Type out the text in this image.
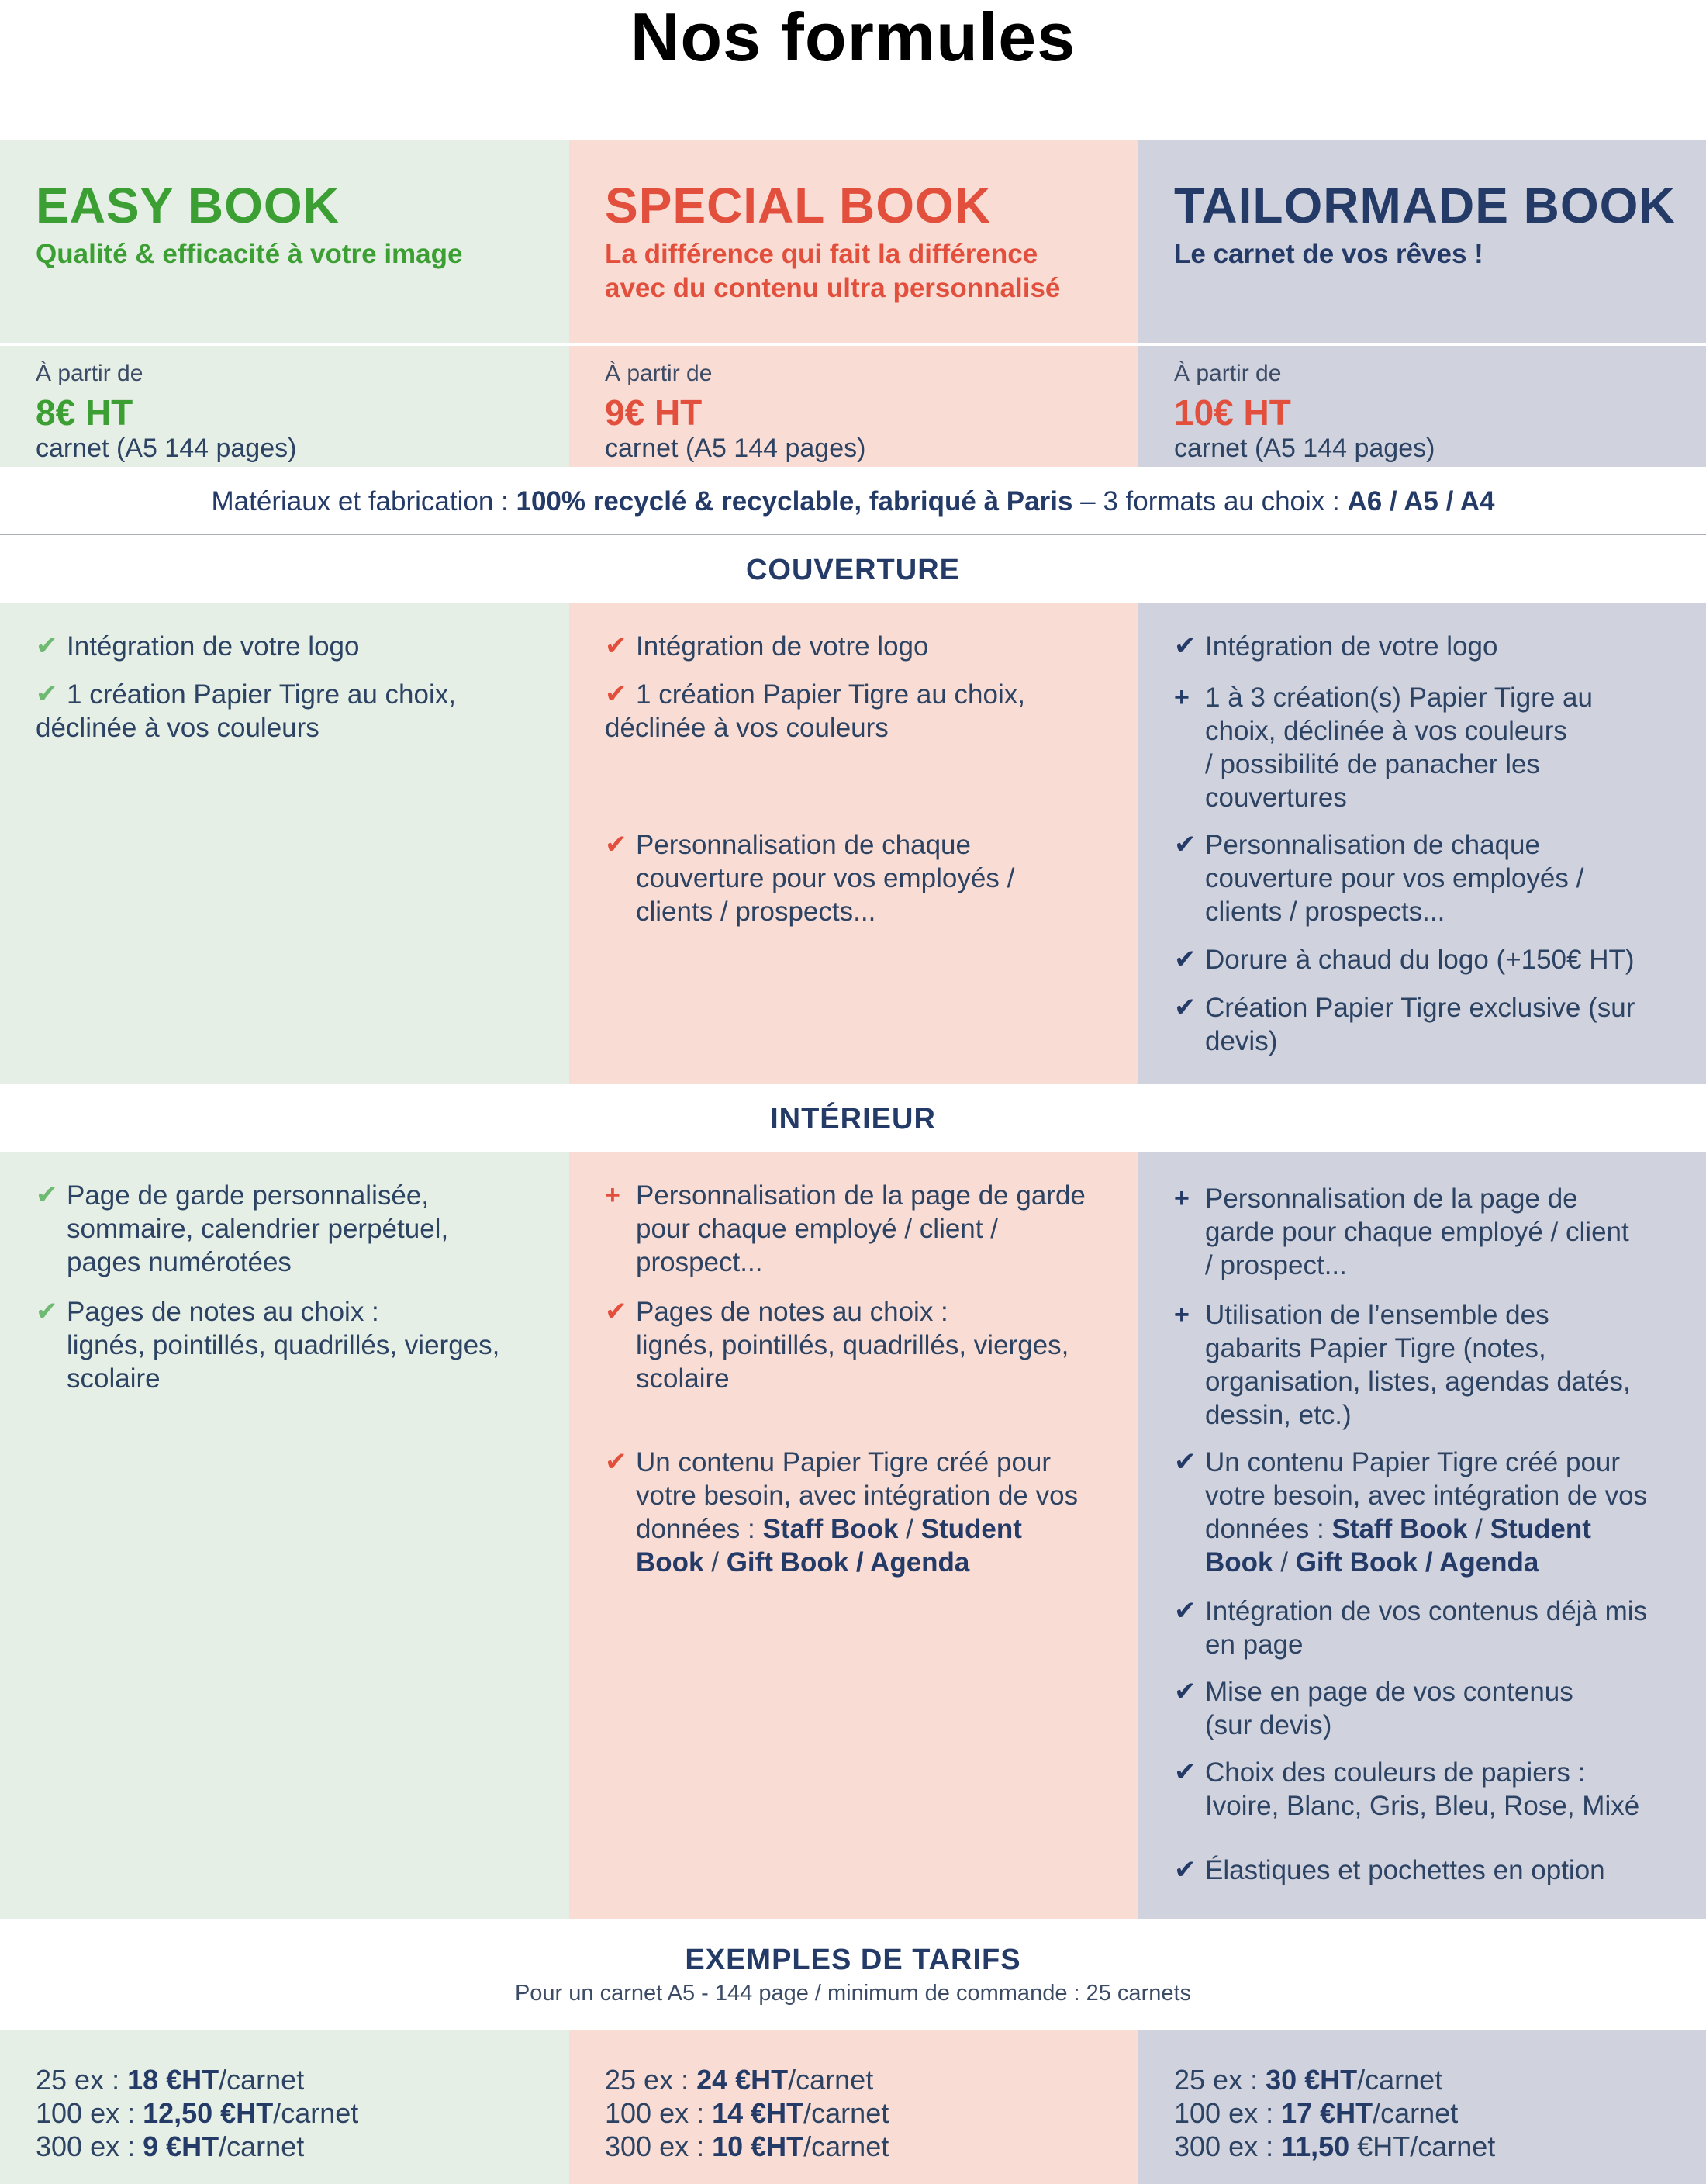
Nos formules
EASY BOOK
Qualité & efficacité à votre image
SPECIAL BOOK
La différence qui fait la différence
avec du contenu ultra personnalisé
TAILORMADE BOOK
Le carnet de vos rêves !
À partir de
8€ HT
carnet (A5 144 pages)
À partir de
9€ HT
carnet (A5 144 pages)
À partir de
10€ HT
carnet (A5 144 pages)
Matériaux et fabrication : 100% recyclé & recyclable, fabriqué à Paris – 3 formats au choix : A6 / A5 / A4
COUVERTURE
✔ Intégration de votre logo
✔ 1 création Papier Tigre au choix,
déclinée à vos couleurs
✔ Intégration de votre logo
✔ 1 création Papier Tigre au choix,
déclinée à vos couleurs
✔ Personnalisation de chaque
couverture pour vos employés /
clients / prospects...
✔ Intégration de votre logo
+ 1 à 3 création(s) Papier Tigre au
choix, déclinée à vos couleurs
/ possibilité de panacher les
couvertures
✔ Personnalisation de chaque
couverture pour vos employés /
clients / prospects...
✔ Dorure à chaud du logo (+150€ HT)
✔ Création Papier Tigre exclusive (sur
devis)
INTÉRIEUR
✔ Page de garde personnalisée,
sommaire, calendrier perpétuel,
pages numérotées
✔ Pages de notes au choix :
lignés, pointillés, quadrillés, vierges,
scolaire
+ Personnalisation de la page de garde
pour chaque employé / client /
prospect...
✔ Pages de notes au choix :
lignés, pointillés, quadrillés, vierges,
scolaire
✔ Un contenu Papier Tigre créé pour
votre besoin, avec intégration de vos
données : Staff Book / Student
Book / Gift Book / Agenda
+ Personnalisation de la page de
garde pour chaque employé / client
/ prospect...
+ Utilisation de l’ensemble des
gabarits Papier Tigre (notes,
organisation, listes, agendas datés,
dessin, etc.)
✔ Un contenu Papier Tigre créé pour
votre besoin, avec intégration de vos
données : Staff Book / Student
Book / Gift Book / Agenda
✔ Intégration de vos contenus déjà mis
en page
✔ Mise en page de vos contenus
(sur devis)
✔ Choix des couleurs de papiers :
Ivoire, Blanc, Gris, Bleu, Rose, Mixé
✔ Élastiques et pochettes en option
EXEMPLES DE TARIFS
Pour un carnet A5 - 144 page / minimum de commande : 25 carnets
25 ex : 18 €HT/carnet
100 ex : 12,50 €HT/carnet
300 ex : 9 €HT/carnet
25 ex : 24 €HT/carnet
100 ex : 14 €HT/carnet
300 ex : 10 €HT/carnet
25 ex : 30 €HT/carnet
100 ex : 17 €HT/carnet
300 ex : 11,50 €HT/carnet
